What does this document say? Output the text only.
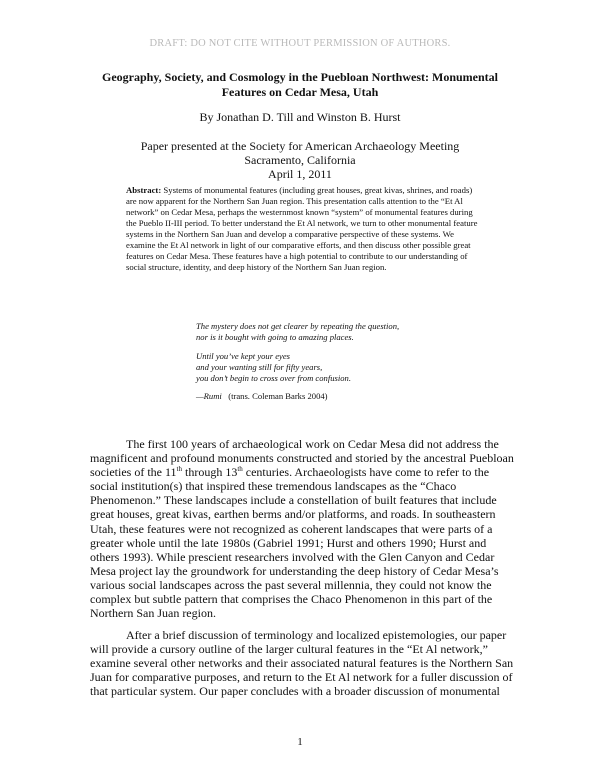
DRAFT: DO NOT CITE WITHOUT PERMISSION OF AUTHORS.
Geography, Society, and Cosmology in the Puebloan Northwest: Monumental Features on Cedar Mesa, Utah
By Jonathan D. Till and Winston B. Hurst
Paper presented at the Society for American Archaeology Meeting
Sacramento, California
April 1, 2011
Abstract: Systems of monumental features (including great houses, great kivas, shrines, and roads) are now apparent for the Northern San Juan region. This presentation calls attention to the “Et Al network” on Cedar Mesa, perhaps the westernmost known “system” of monumental features during the Pueblo II-III period. To better understand the Et Al network, we turn to other monumental feature systems in the Northern San Juan and develop a comparative perspective of these systems. We examine the Et Al network in light of our comparative efforts, and then discuss other possible great features on Cedar Mesa. These features have a high potential to contribute to our understanding of social structure, identity, and deep history of the Northern San Juan region.
The mystery does not get clearer by repeating the question,
nor is it bought with going to amazing places.
Until you’ve kept your eyes
and your wanting still for fifty years,
you don’t begin to cross over from confusion.
—Rumi (trans. Coleman Barks 2004)

The first 100 years of archaeological work on Cedar Mesa did not address the magnificent and profound monuments constructed and storied by the ancestral Puebloan societies of the 11th through 13th centuries. Archaeologists have come to refer to the social institution(s) that inspired these tremendous landscapes as the “Chaco Phenomenon.” These landscapes include a constellation of built features that include great houses, great kivas, earthen berms and/or platforms, and roads. In southeastern Utah, these features were not recognized as coherent landscapes that were parts of a greater whole until the late 1980s (Gabriel 1991; Hurst and others 1990; Hurst and others 1993). While prescient researchers involved with the Glen Canyon and Cedar Mesa project lay the groundwork for understanding the deep history of Cedar Mesa’s various social landscapes across the past several millennia, they could not know the complex but subtle pattern that comprises the Chaco Phenomenon in this part of the Northern San Juan region.

After a brief discussion of terminology and localized epistemologies, our paper will provide a cursory outline of the larger cultural features in the “Et Al network,” examine several other networks and their associated natural features is the Northern San Juan for comparative purposes, and return to the Et Al network for a fuller discussion of that particular system. Our paper concludes with a broader discussion of monumental

1
